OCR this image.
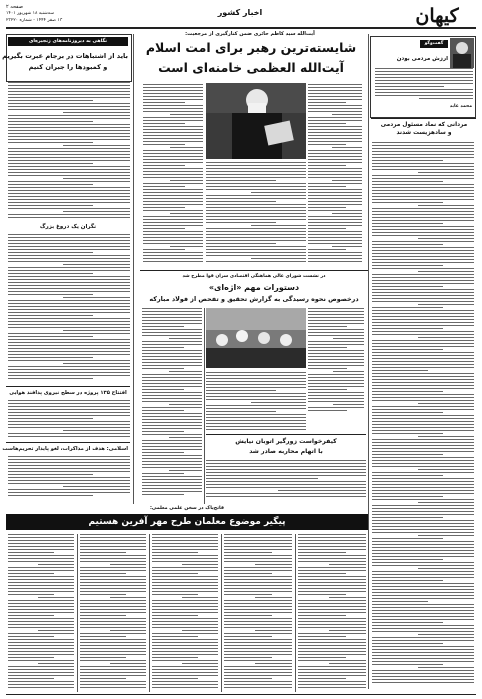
کیهان
اخبار کشور
صفحه ۲
سه‌شنبه ۱۸ شهریور ۱۴۰۱
۱۳ صفر ۱۴۴۴ - شماره ۲۳۲۲۰
گفت‌و‌گو
ارزش مردمی بودن
محمد عابد
مردانی که نماد مسئول مردمی
و سادهزیست شدند
آیت‌الله سید کاظم حائری ضمن کنارگیری از مرجعیت:
شایسته‌ترین رهبر برای امت اسلام
آیت‌الله العظمی خامنه‌ای است
نگاهی به دیروزنامه‌های زنجیره‌ای
باید از اشتباهات در برجام عبرت بگیریم
و کمبودها را جبران کنیم
نگران یک دروغ بزرگ
افتتاح ۱۳۵ پروژه در سطح نیروی پدافند هوایی
اسلامی: هدف از مذاکرات، لغو پایدار تحریم‌هاست
در نشست شورای عالی هماهنگی اقتصادی سران قوا مطرح شد
دستورات مهم «اژه‌ای»
درخصوص نحوه رسیدگی به گزارش تحقیق و تفحص از فولاد مبارکه
کیفرخواست زورگیر اتوبان نیایش
با اتهام محاربه صادر شد
فاتح‌پاک در سخن علمی معلمی:
پیگیر موضوع معلمان طرح مهر آفرین هستیم
